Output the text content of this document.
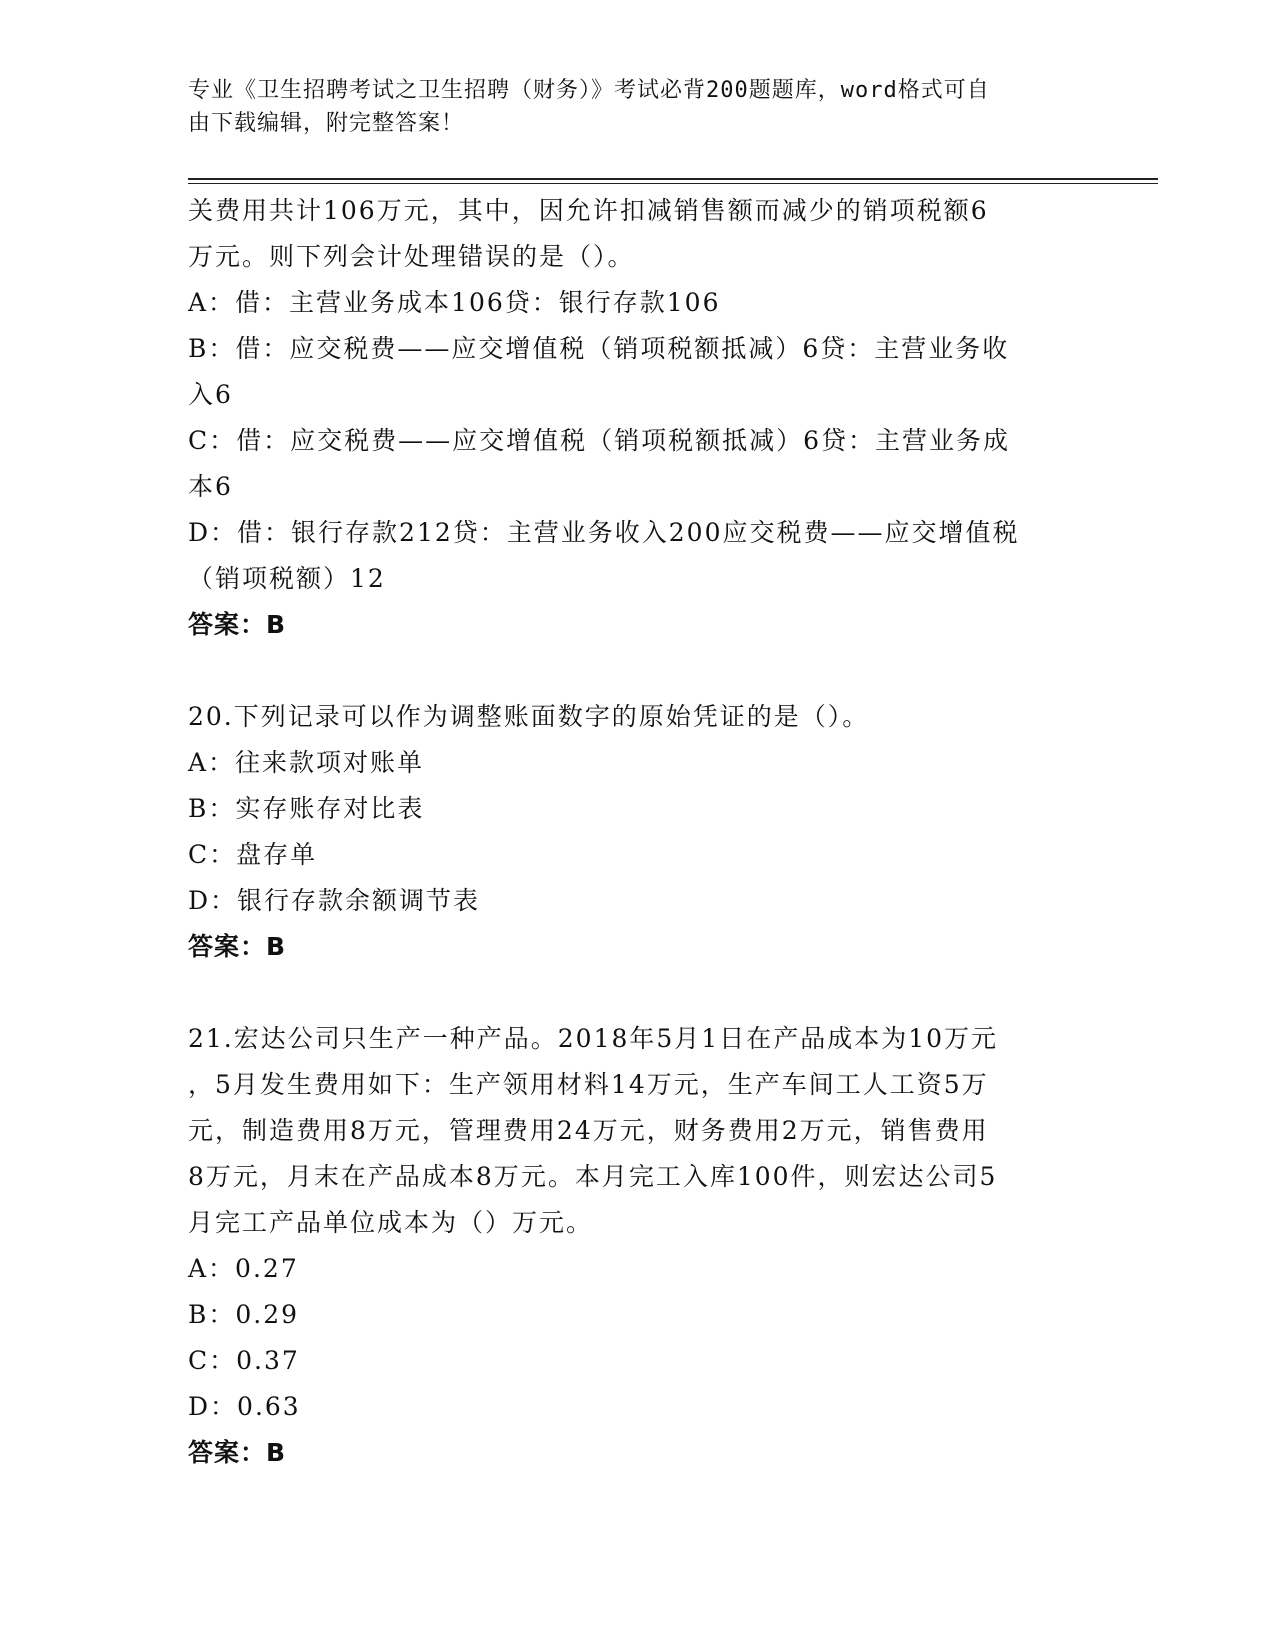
专业《卫生招聘考试之卫生招聘（财务）》考试必背200题题库，word格式可自
由下载编辑，附完整答案！

关费用共计106万元，其中，因允许扣减销售额而减少的销项税额6

万元。则下列会计处理错误的是（）。

A：借：主营业务成本106贷：银行存款106

B：借：应交税费——应交增值税（销项税额抵减）6贷：主营业务收

入6

C：借：应交税费——应交增值税（销项税额抵减）6贷：主营业务成

本6

D：借：银行存款212贷：主营业务收入200应交税费——应交增值税

（销项税额）12

答案：B

20.下列记录可以作为调整账面数字的原始凭证的是（）。

A：往来款项对账单

B：实存账存对比表

C：盘存单

D：银行存款余额调节表

答案：B

21.宏达公司只生产一种产品。2018年5月1日在产品成本为10万元

，5月发生费用如下：生产领用材料14万元，生产车间工人工资5万

元，制造费用8万元，管理费用24万元，财务费用2万元，销售费用

8万元，月末在产品成本8万元。本月完工入库100件，则宏达公司5

月完工产品单位成本为（）万元。

A：0.27

B：0.29

C：0.37

D：0.63

答案：B
